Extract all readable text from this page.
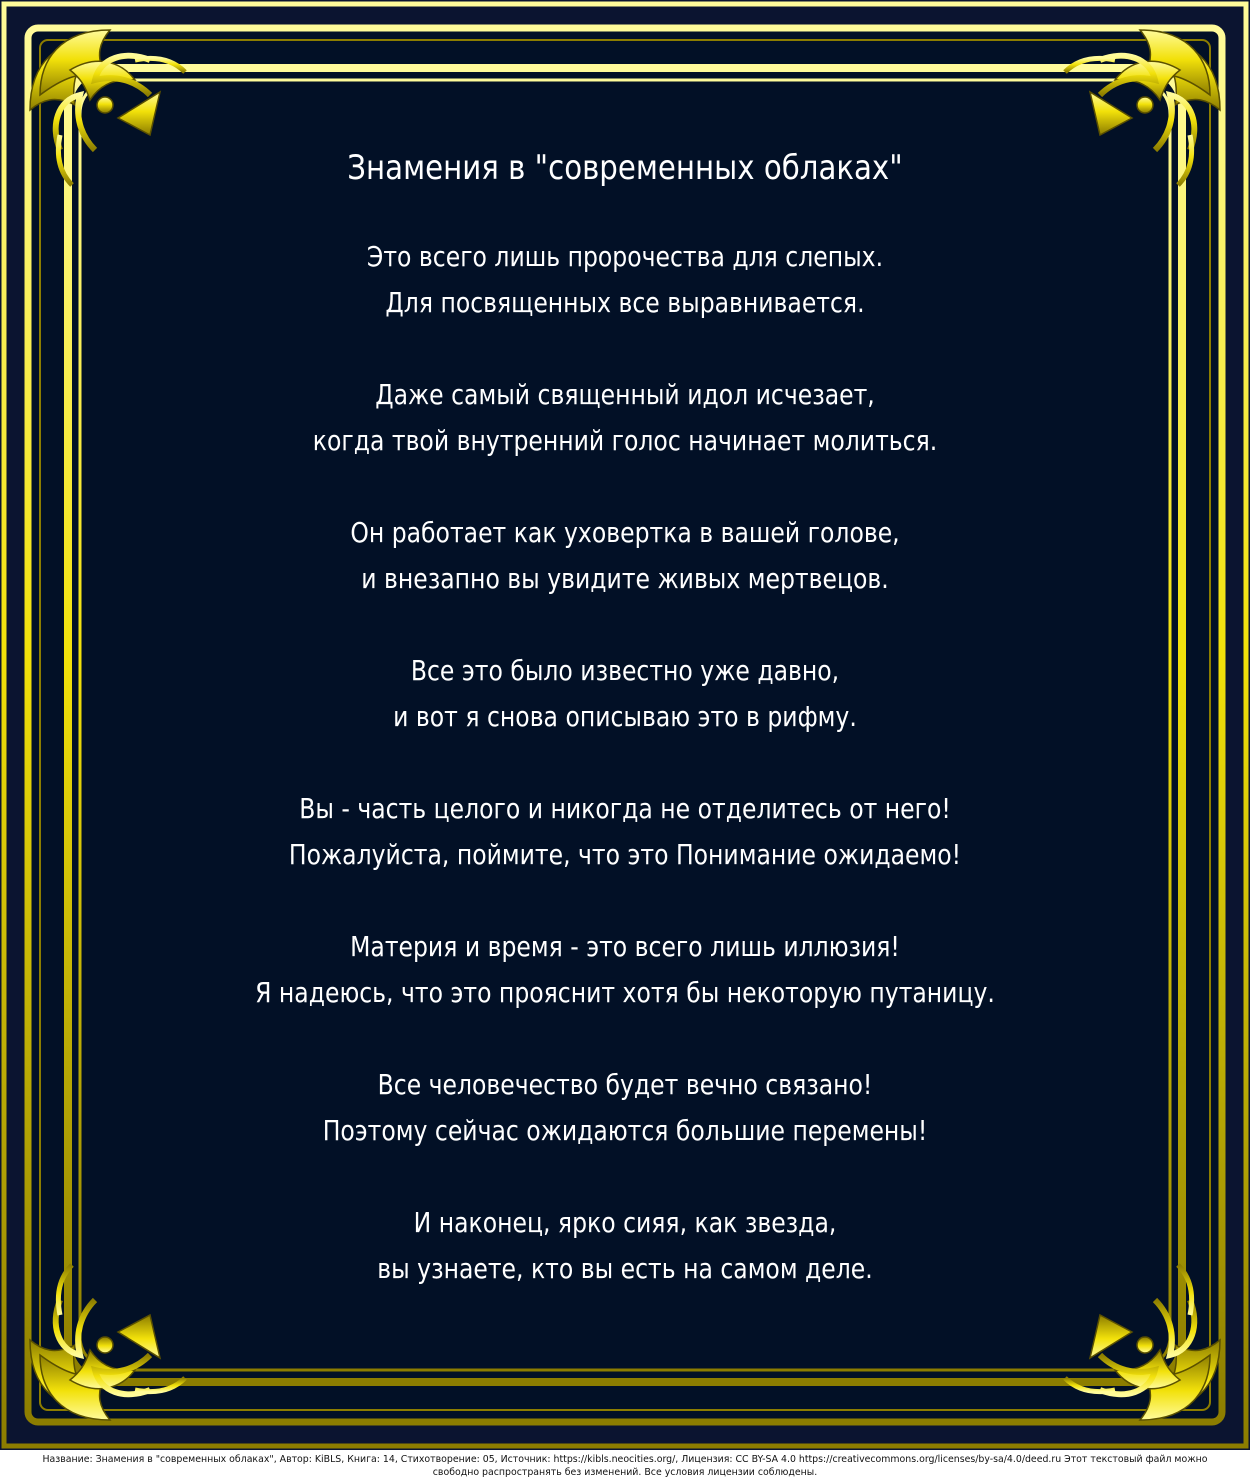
Знамения в "современных облаках"
Это всего лишь пророчества для слепых.
Для посвященных все выравнивается.
Даже самый священный идол исчезает,
когда твой внутренний голос начинает молиться.
Он работает как уховертка в вашей голове,
и внезапно вы увидите живых мертвецов.
Все это было известно уже давно,
и вот я снова описываю это в рифму.
Вы - часть целого и никогда не отделитесь от него!
Пожалуйста, поймите, что это Понимание ожидаемо!
Материя и время - это всего лишь иллюзия!
Я надеюсь, что это прояснит хотя бы некоторую путаницу.
Все человечество будет вечно связано!
Поэтому сейчас ожидаются большие перемены!
И наконец, ярко сияя, как звезда,
вы узнаете, кто вы есть на самом деле.
Название: Знамения в "современных облаках", Автор: KiBLS, Книга: 14, Стихотворение: 05, Источник: https://kibls.neocities.org/, Лицензия: CC BY-SA 4.0 https://creativecommons.org/licenses/by-sa/4.0/deed.ru Этот текстовый файл можно
свободно распространять без изменений. Все условия лицензии соблюдены.
